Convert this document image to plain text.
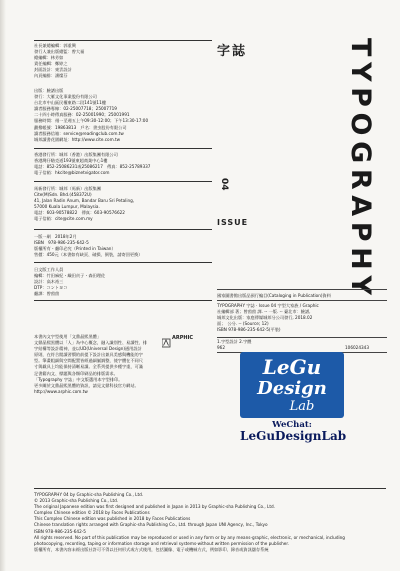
社長兼總編輯：郭重興
發行人兼出版總監：曾大福
總編輯：林芳如
責任編輯：鄭婷之
封面設計：東雲設計
內頁編排：潘燦芬
出版：臉譜出版
發行：大雁文化事業股份有限公司
台北市中山區民權東路二段141號11樓
讀者服務專線：02-25007718；25007719
二十四小時傳真服務：02-25001990；25001991
服務時間：週一至週五上午09:30-12:00；下午13:30-17:00
劃撥帳號：19863813　戶名：書虫股份有限公司
讀者服務信箱：service@readingclub.com.tw
城邦讀書花園網址：http://www.cite.com.tw
香港發行所：城邦（香港）出版集團有限公司
香港灣仔駱克道193號東超商業中心1樓
電話：852-25086231或25086217　傳真：852-25789337
電子信箱：hkcite@biznetvigator.com
馬新發行所：城邦（馬新）出版集團
Cite(M)Sdn. Bhd.(458372U)
41, Jalan Radin Anum, Bandar Baru Sri Petaling,
57000 Kuala Lumpur, Malaysia.
電話：603-90578822　傳真：603-90576622
電子信箱：cite@cite.com.my
一版一刷　2018年2月
ISBN　978-986-235-642-5
版權所有・翻印必究（Printed in Taiwan）
售價：450元（本書如有缺頁、破損、倒裝，請寄回更換）
日文版工作人員
編輯：竹田麻紀・織田貞子・森田理佐
設計：高木裕三
DTP：コントヨコ
翻譯：曾茵茵
ARPHIC
本書內文字型使用「文鼎晶熙黑體」
文鼎晶熙黑體以「人」為中心概念，融入識別性、易讀性、排
字結構等設計精神，並以UD(Universal Design)通用設計
原則，在符合閱讀習慣的前提下設計出兼具美感與機能的字
型。筆畫粗細與空間配置皆經過細膩調整，使字體在不同尺
寸與載具上均能保持清晰易讀。全系列提供多種字重，可滿
足書籍內文、標題與各類印刷品的排版需求。
「Typography 字誌」中文版選用本字型排印。
更多關於文鼎晶熙黑體的資訊，請見文鼎科技官方網站。
http://www.arphic.com.tw
字誌	TYPOGRAPHY
04
ISSUE
國家圖書館出版品預行編目(Cataloging in Publication)資料
TYPOGRAPHY 字誌 · Issue 04 字型大家族 / Graphic
社編輯部 著；曾茵茵 譯. -- 一版. -- 臺北市：臉譜,
城邦文化出版：家庭傳媒城邦分公司發行, 2018.02
面；　公分. -- (Source; 12)
ISBN 978-986-235-642-5(平裝)
1.字型設計 2.字體
962	106024343
LeGu
Design
Lab
WeChat:
LeGuDesignLab
TYPOGRAPHY 04 by Graphic-sha Publishing Co., Ltd.
© 2013 Graphic-sha Publishing Co., Ltd.
The original Japanese edition was first designed and published in Japan in 2013 by Graphic-sha Publishing Co., Ltd.
Complex Chinese edition © 2018 by Faces Publications
This Complex Chinese edition was published in 2018 by Faces Publications
Chinese translation rights arranged with Graphic-sha Publishing Co., Ltd. through Japan UNI Agency, Inc., Tokyo
ISBN 978-986-235-642-5
All rights reserved. No part of this publication may be reproduced or used in any form or by any means-graphic, electronic, or mechanical, including
photocopying, recording, taping or information storage and retrieval systems-without written permission of the publisher.
版權所有，本書內容未經出版社許可不得以任何形式或方式使用，包括圖像、電子或機械方式，例如影印、錄音或資訊儲存系統
